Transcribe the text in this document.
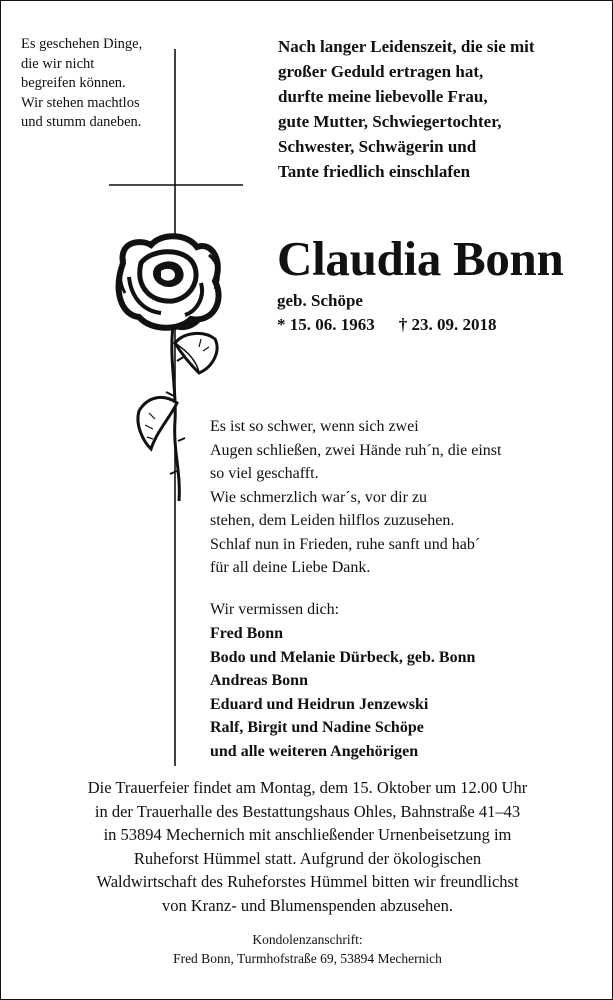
Es geschehen Dinge,
die wir nicht
begreifen können.
Wir stehen machtlos
und stumm daneben.
Nach langer Leidenszeit, die sie mit
großer Geduld ertragen hat,
durfte meine liebevolle Frau,
gute Mutter, Schwiegertochter,
Schwester, Schwägerin und
Tante friedlich einschlafen
Claudia Bonn
geb. Schöpe
* 15. 06. 1963 † 23. 09. 2018
Es ist so schwer, wenn sich zwei
Augen schließen, zwei Hände ruh´n, die einst
so viel geschafft.
Wie schmerzlich war´s, vor dir zu
stehen, dem Leiden hilflos zuzusehen.
Schlaf nun in Frieden, ruhe sanft und hab´
für all deine Liebe Dank.
Wir vermissen dich:
Fred Bonn
Bodo und Melanie Dürbeck, geb. Bonn
Andreas Bonn
Eduard und Heidrun Jenzewski
Ralf, Birgit und Nadine Schöpe
und alle weiteren Angehörigen
Die Trauerfeier findet am Montag, dem 15. Oktober um 12.00 Uhr
in der Trauerhalle des Bestattungshaus Ohles, Bahnstraße 41–43
in 53894 Mechernich mit anschließender Urnenbeisetzung im
Ruheforst Hümmel statt. Aufgrund der ökologischen
Waldwirtschaft des Ruheforstes Hümmel bitten wir freundlichst
von Kranz- und Blumenspenden abzusehen.
Kondolenzanschrift:
Fred Bonn, Turmhofstraße 69, 53894 Mechernich
